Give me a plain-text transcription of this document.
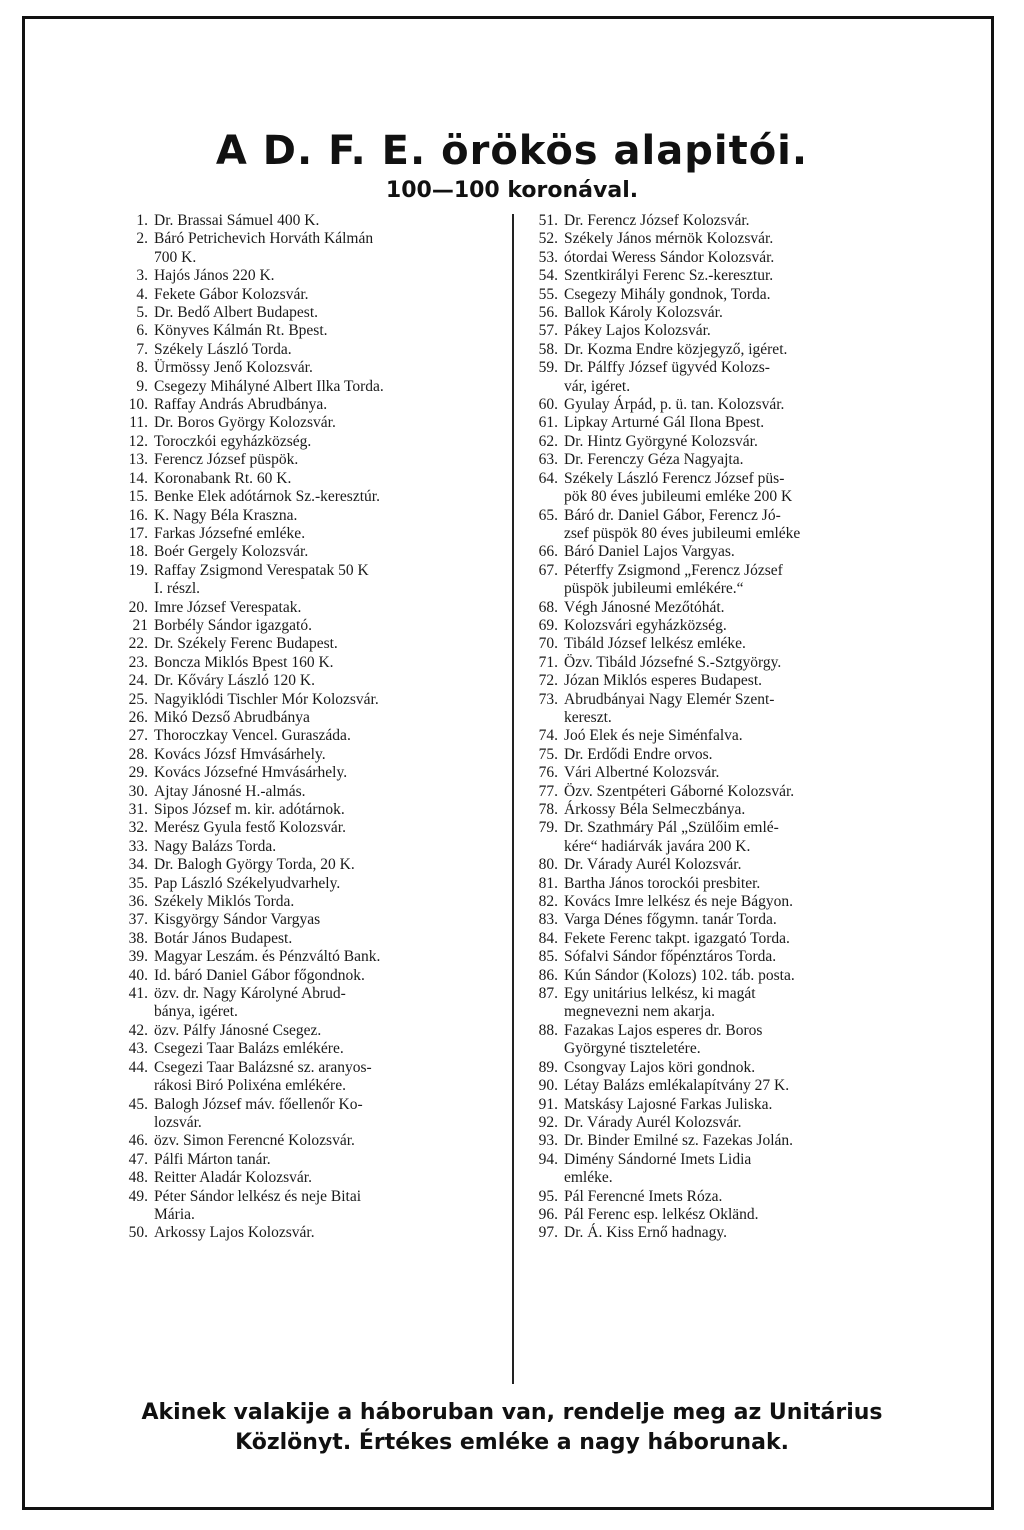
A D. F. E. örökös alapitói.
100—100 koronával.
1. Dr. Brassai Sámuel 400 K.
2. Báró Petrichevich Horváth Kálmán
700 K.
3. Hajós János 220 K.
4. Fekete Gábor Kolozsvár.
5. Dr. Bedő Albert Budapest.
6. Könyves Kálmán Rt. Bpest.
7. Székely László Torda.
8. Ürmössy Jenő Kolozsvár.
9. Csegezy Mihályné Albert Ilka Torda.
10. Raffay András Abrudbánya.
11. Dr. Boros György Kolozsvár.
12. Toroczkói egyházközség.
13. Ferencz József püspök.
14. Koronabank Rt. 60 K.
15. Benke Elek adótárnok Sz.-keresztúr.
16. K. Nagy Béla Kraszna.
17. Farkas Józsefné emléke.
18. Boér Gergely Kolozsvár.
19. Raffay Zsigmond Verespatak 50 K
I. részl.
20. Imre József Verespatak.
21 Borbély Sándor igazgató.
22. Dr. Székely Ferenc Budapest.
23. Boncza Miklós Bpest 160 K.
24. Dr. Kőváry László 120 K.
25. Nagyiklódi Tischler Mór Kolozsvár.
26. Mikó Dezső Abrudbánya
27. Thoroczkay Vencel. Guraszáda.
28. Kovács Józsf Hmvásárhely.
29. Kovács Józsefné Hmvásárhely.
30. Ajtay Jánosné H.-almás.
31. Sipos József m. kir. adótárnok.
32. Merész Gyula festő Kolozsvár.
33. Nagy Balázs Torda.
34. Dr. Balogh György Torda, 20 K.
35. Pap László Székelyudvarhely.
36. Székely Miklós Torda.
37. Kisgyörgy Sándor Vargyas
38. Botár János Budapest.
39. Magyar Leszám. és Pénzváltó Bank.
40. Id. báró Daniel Gábor főgondnok.
41. özv. dr. Nagy Károlyné Abrud-
bánya, igéret.
42. özv. Pálfy Jánosné Csegez.
43. Csegezi Taar Balázs emlékére.
44. Csegezi Taar Balázsné sz. aranyos-
rákosi Biró Polixéna emlékére.
45. Balogh József máv. főellenőr Ko-
lozsvár.
46. özv. Simon Ferencné Kolozsvár.
47. Pálfi Márton tanár.
48. Reitter Aladár Kolozsvár.
49. Péter Sándor lelkész és neje Bitai
Mária.
50. Arkossy Lajos Kolozsvár.
51. Dr. Ferencz József Kolozsvár.
52. Székely János mérnök Kolozsvár.
53. ótordai Weress Sándor Kolozsvár.
54. Szentkirályi Ferenc Sz.-keresztur.
55. Csegezy Mihály gondnok, Torda.
56. Ballok Károly Kolozsvár.
57. Pákey Lajos Kolozsvár.
58. Dr. Kozma Endre közjegyző, igéret.
59. Dr. Pálffy József ügyvéd Kolozs-
vár, igéret.
60. Gyulay Árpád, p. ü. tan. Kolozsvár.
61. Lipkay Arturné Gál Ilona Bpest.
62. Dr. Hintz Györgyné Kolozsvár.
63. Dr. Ferenczy Géza Nagyajta.
64. Székely László Ferencz József püs-
pök 80 éves jubileumi emléke 200 K
65. Báró dr. Daniel Gábor, Ferencz Jó-
zsef püspök 80 éves jubileumi emléke
66. Báró Daniel Lajos Vargyas.
67. Péterffy Zsigmond „Ferencz József
püspök jubileumi emlékére.“
68. Végh Jánosné Mezőtóhát.
69. Kolozsvári egyházközség.
70. Tibáld József lelkész emléke.
71. Özv. Tibáld Józsefné S.-Sztgyörgy.
72. Józan Miklós esperes Budapest.
73. Abrudbányai Nagy Elemér Szent-
kereszt.
74. Joó Elek és neje Siménfalva.
75. Dr. Erdődi Endre orvos.
76. Vári Albertné Kolozsvár.
77. Özv. Szentpéteri Gáborné Kolozsvár.
78. Árkossy Béla Selmeczbánya.
79. Dr. Szathmáry Pál „Szülőim emlé-
kére“ hadiárvák javára 200 K.
80. Dr. Várady Aurél Kolozsvár.
81. Bartha János torockói presbiter.
82. Kovács Imre lelkész és neje Bágyon.
83. Varga Dénes főgymn. tanár Torda.
84. Fekete Ferenc takpt. igazgató Torda.
85. Sófalvi Sándor főpénztáros Torda.
86. Kún Sándor (Kolozs) 102. táb. posta.
87. Egy unitárius lelkész, ki magát
megnevezni nem akarja.
88. Fazakas Lajos esperes dr. Boros
Györgyné tiszteletére.
89. Csongvay Lajos köri gondnok.
90. Létay Balázs emlékalapítvány 27 K.
91. Matskásy Lajosné Farkas Juliska.
92. Dr. Várady Aurél Kolozsvár.
93. Dr. Binder Emilné sz. Fazekas Jolán.
94. Dimény Sándorné Imets Lidia
emléke.
95. Pál Ferencné Imets Róza.
96. Pál Ferenc esp. lelkész Okländ.
97. Dr. Á. Kiss Ernő hadnagy.
Akinek valakije a háboruban van, rendelje meg az Unitárius
Közlönyt. Értékes emléke a nagy háborunak.
